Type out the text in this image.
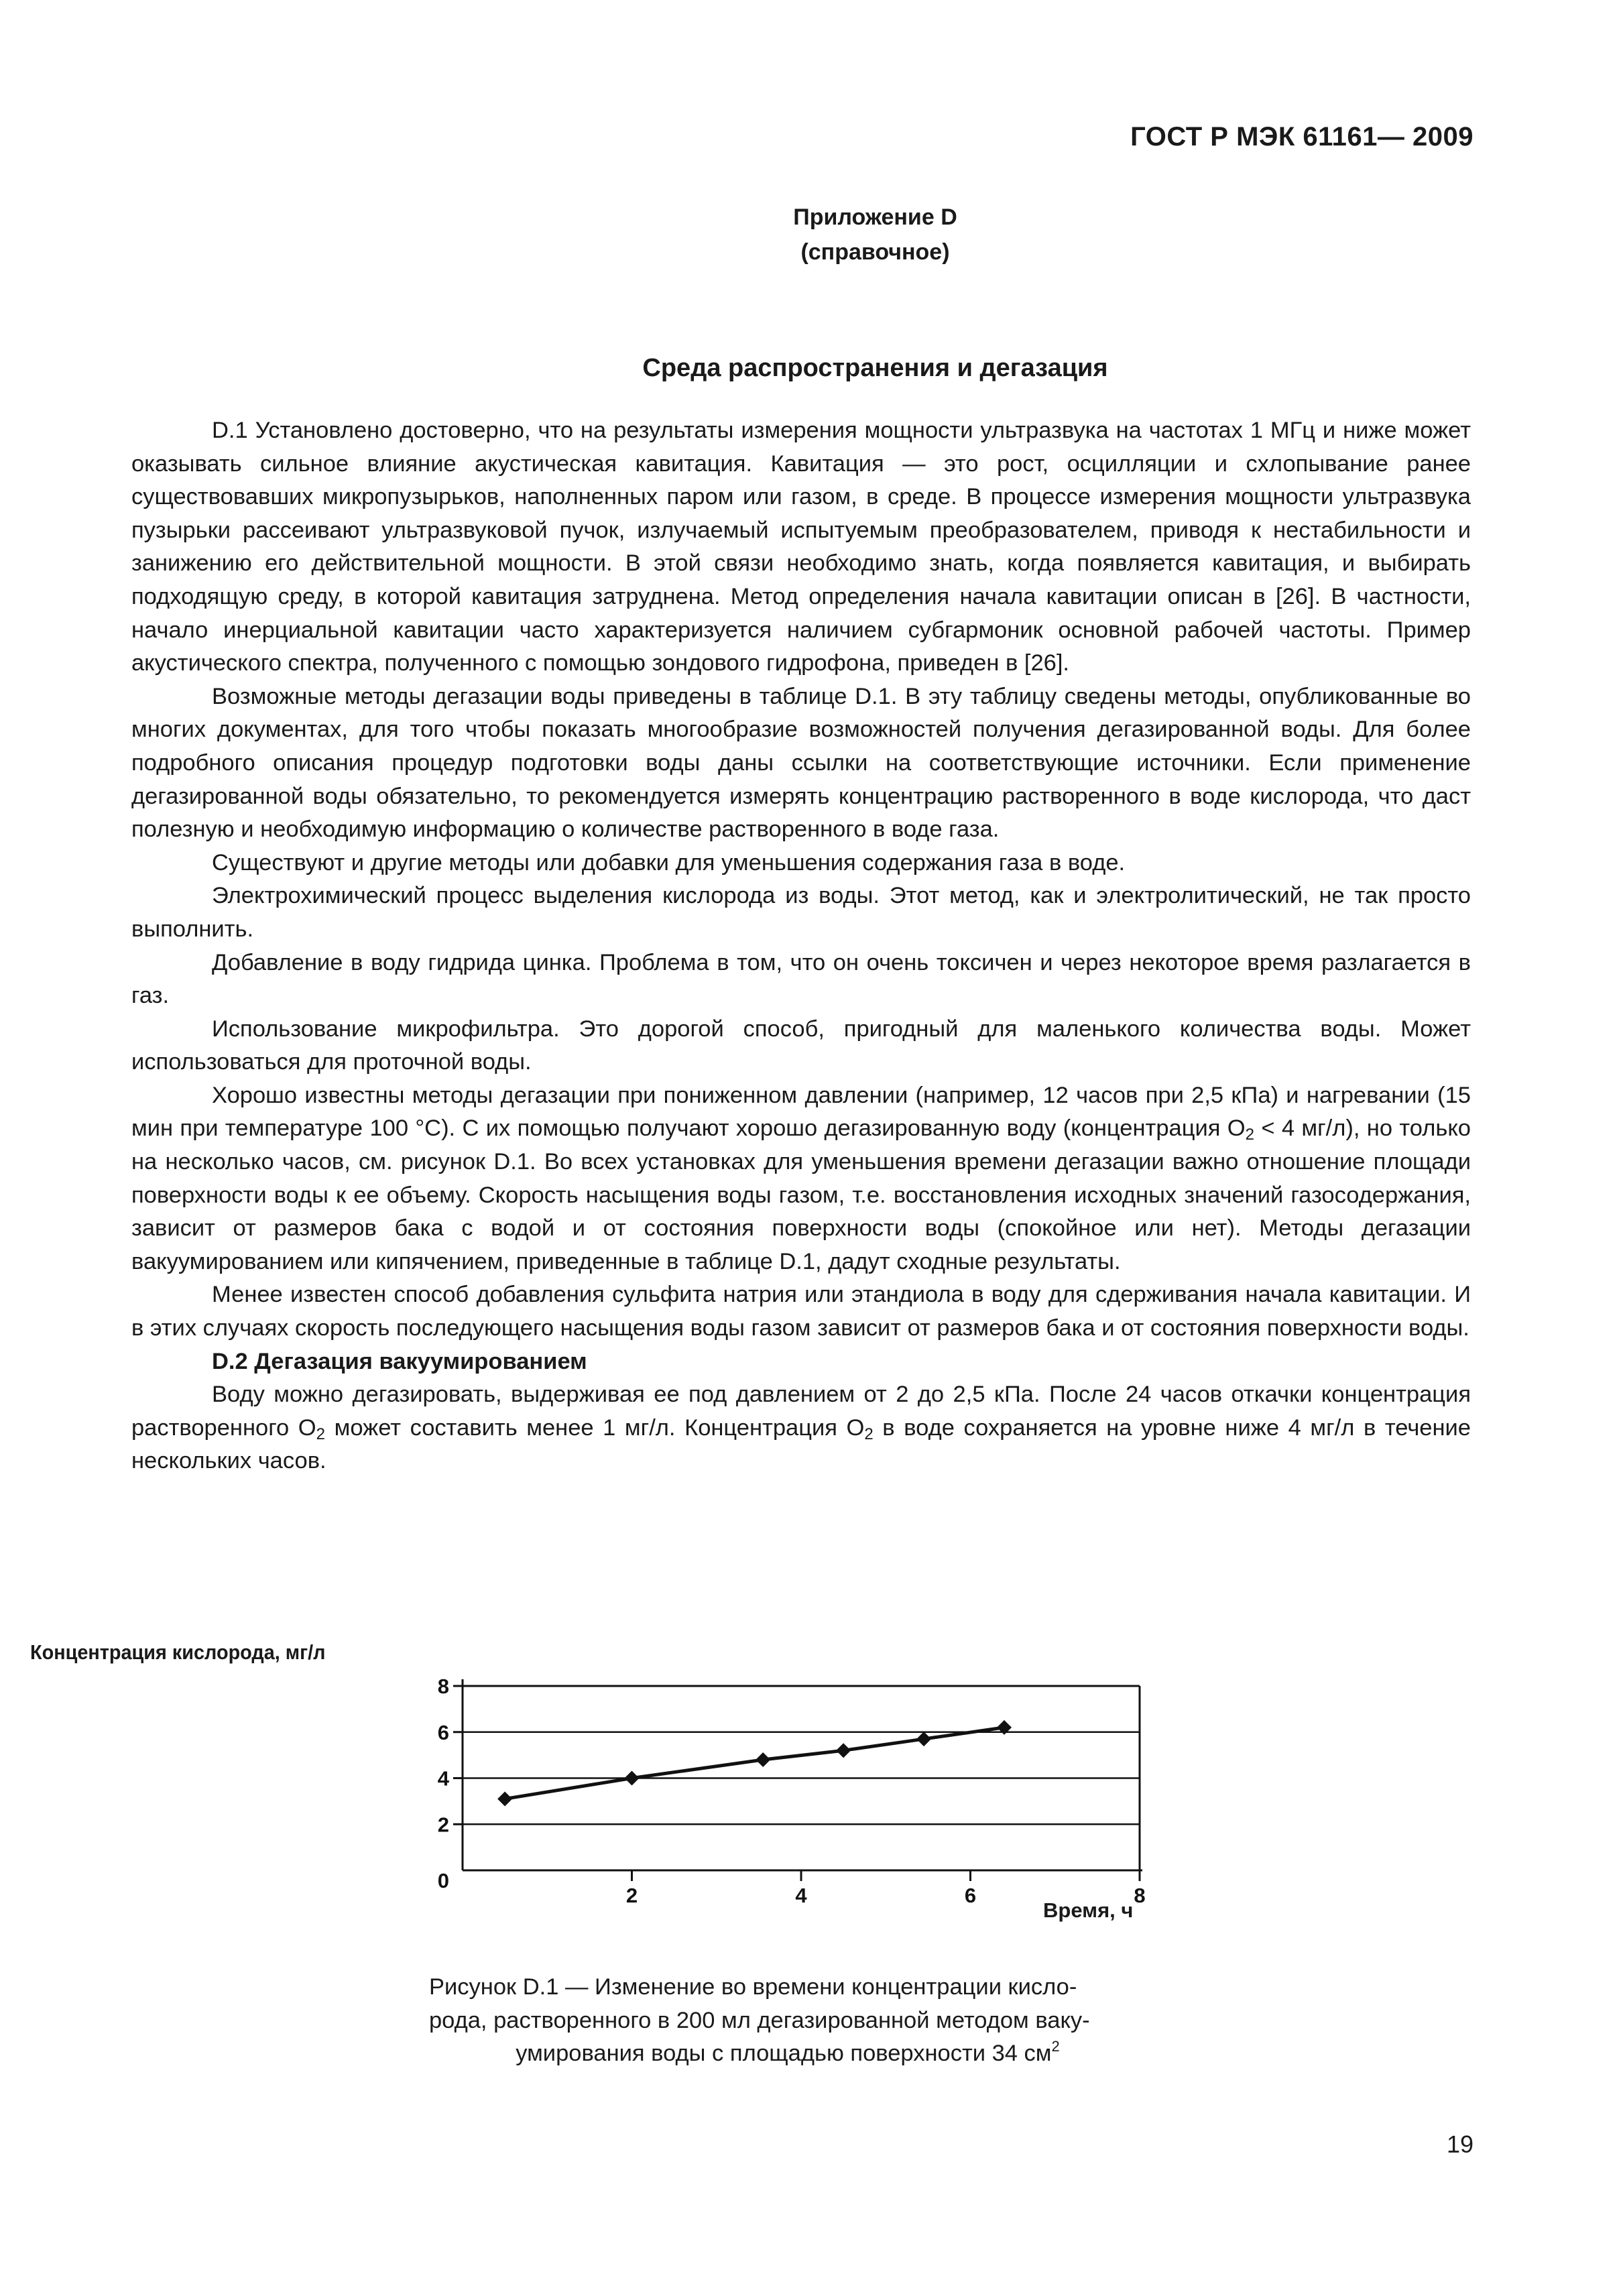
ГОСТ Р МЭК 61161— 2009
Приложение D
(справочное)
Среда распространения и дегазация

D.1 Установлено достоверно, что на результаты измерения мощности ультразвука на частотах 1 МГц и ниже может оказывать сильное влияние акустическая кавитация. Кавитация — это рост, осцилляции и схлопывание ранее существовавших микропузырьков, наполненных паром или газом, в среде. В процессе измерения мощности ультразвука пузырьки рассеивают ультразвуковой пучок, излучаемый испытуемым преобразователем, приводя к нестабильности и занижению его действительной мощности. В этой связи необходимо знать, когда появляется кавитация, и выбирать подходящую среду, в которой кавитация затруднена. Метод определения начала кавитации описан в [26]. В частности, начало инерциальной кавитации часто характеризуется наличием субгармоник основной рабочей частоты. Пример акустического спектра, полученного с помощью зондового гидрофона, приведен в [26].

Возможные методы дегазации воды приведены в таблице D.1. В эту таблицу сведены методы, опубликованные во многих документах, для того чтобы показать многообразие возможностей получения дегазированной воды. Для более подробного описания процедур подготовки воды даны ссылки на соответствующие источники. Если применение дегазированной воды обязательно, то рекомендуется измерять концентрацию растворенного в воде кислорода, что даст полезную и необходимую информацию о количестве растворенного в воде газа.

Существуют и другие методы или добавки для уменьшения содержания газа в воде.

Электрохимический процесс выделения кислорода из воды. Этот метод, как и электролитический, не так просто выполнить.

Добавление в воду гидрида цинка. Проблема в том, что он очень токсичен и через некоторое время разлагается в газ.

Использование микрофильтра. Это дорогой способ, пригодный для маленького количества воды. Может использоваться для проточной воды.

Хорошо известны методы дегазации при пониженном давлении (например, 12 часов при 2,5 кПа) и нагревании (15 мин при температуре 100 °С). С их помощью получают хорошо дегазированную воду (концентрация $O_2 < 4$ мг/л), но только на несколько часов, см. рисунок D.1. Во всех установках для уменьшения времени дегазации важно отношение площади поверхности воды к ее объему. Скорость насыщения воды газом, т.е. восстановления исходных значений газосодержания, зависит от размеров бака с водой и от состояния поверхности воды (спокойное или нет). Методы дегазации вакуумированием или кипячением, приведенные в таблице D.1, дадут сходные результаты.

Менее известен способ добавления сульфита натрия или этандиола в воду для сдерживания начала кавитации. И в этих случаях скорость последующего насыщения воды газом зависит от размеров бака и от состояния поверхности воды.

D.2 Дегазация вакуумированием

Воду можно дегазировать, выдерживая ее под давлением от 2 до 2,5 кПа. После 24 часов откачки концентрация растворенного $O_2$ может составить менее 1 мг/л. Концентрация $O_2$ в воде сохраняется на уровне ниже 4 мг/л в течение нескольких часов.

Концентрация кислорода, мг/л
2
4
6
8
0
2	4	6	8
Время, ч

Рисунок D.1 — Изменение во времени концентрации кисло-

рода, растворенного в 200 мл дегазированной методом ваку-

умирования воды с площадью поверхности 34 $см^2$

19
